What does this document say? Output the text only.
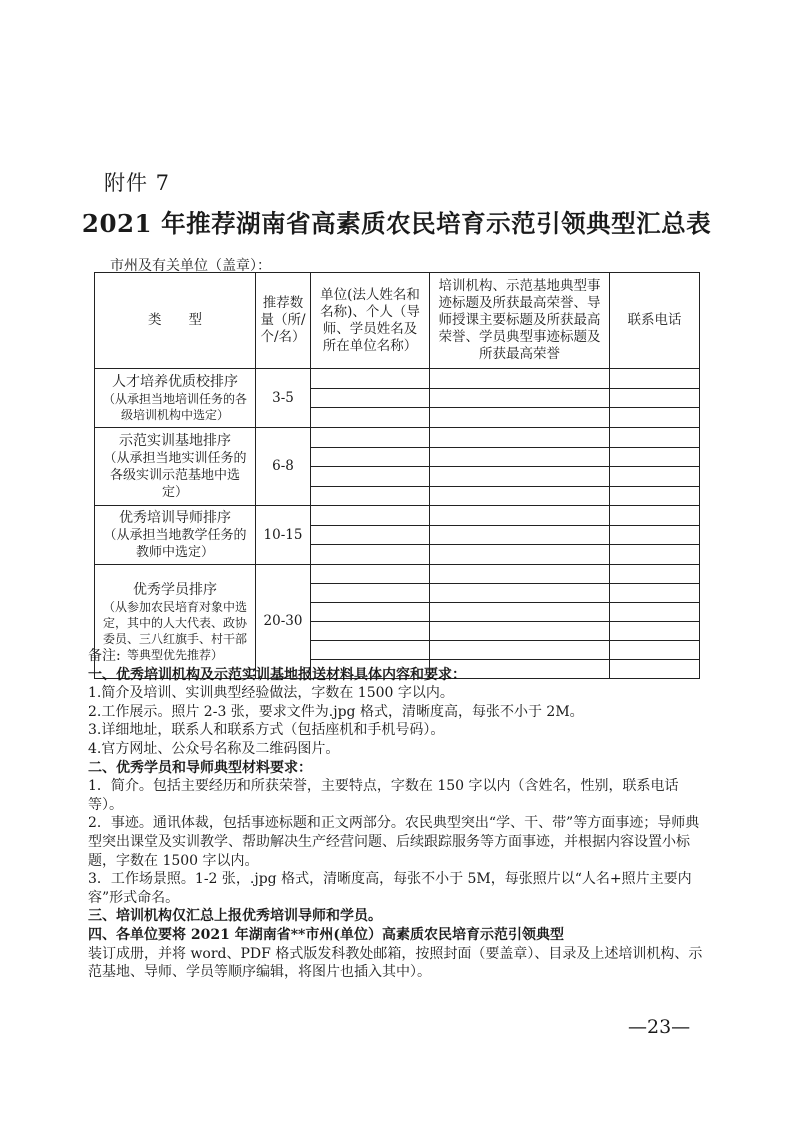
附件 7
2021 年推荐湖南省高素质农民培育示范引领典型汇总表
市州及有关单位（盖章）：
类　　型	推荐数量（所/个/名）	单位(法人姓名和名称)、个人（导师、学员姓名及所在单位名称）	培训机构、示范基地典型事迹标题及所获最高荣誉、导师授课主要标题及所获最高荣誉、学员典型事迹标题及所获最高荣誉	联系电话

人才培养优质校排序
（从承担当地培训任务的各级培训机构中选定）	3-5			

示范实训基地排序
（从承担当地实训任务的各级实训示范基地中选定）	6-8			

优秀培训导师排序
（从承担当地教学任务的教师中选定）	10-15			

优秀学员排序
（从参加农民培育对象中选定，其中的人大代表、政协委员、三八红旗手、村干部等典型优先推荐）	20-30			

备注:

一、优秀培训机构及示范实训基地报送材料具体内容和要求：

1.简介及培训、实训典型经验做法，字数在 1500 字以内。

2.工作展示。照片 2-3 张，要求文件为.jpg 格式，清晰度高，每张不小于 2M。

3.详细地址，联系人和联系方式（包括座机和手机号码）。

4.官方网址、公众号名称及二维码图片。

二、优秀学员和导师典型材料要求：

1．简介。包括主要经历和所获荣誉，主要特点，字数在 150 字以内（含姓名，性别，联系电话等）。

2．事迹。通讯体裁，包括事迹标题和正文两部分。农民典型突出“学、干、带”等方面事迹；导师典型突出课堂及实训教学、帮助解决生产经营问题、后续跟踪服务等方面事迹，并根据内容设置小标题，字数在 1500 字以内。

3．工作场景照。1-2 张，.jpg 格式，清晰度高，每张不小于 5M，每张照片以“人名+照片主要内容”形式命名。

三、培训机构仅汇总上报优秀培训导师和学员。

四、各单位要将 2021 年湖南省**市州(单位）高素质农民培育示范引领典型

装订成册，并将 word、PDF 格式版发科教处邮箱，按照封面（要盖章）、目录及上述培训机构、示范基地、导师、学员等顺序编辑，将图片也插入其中）。

—23—
